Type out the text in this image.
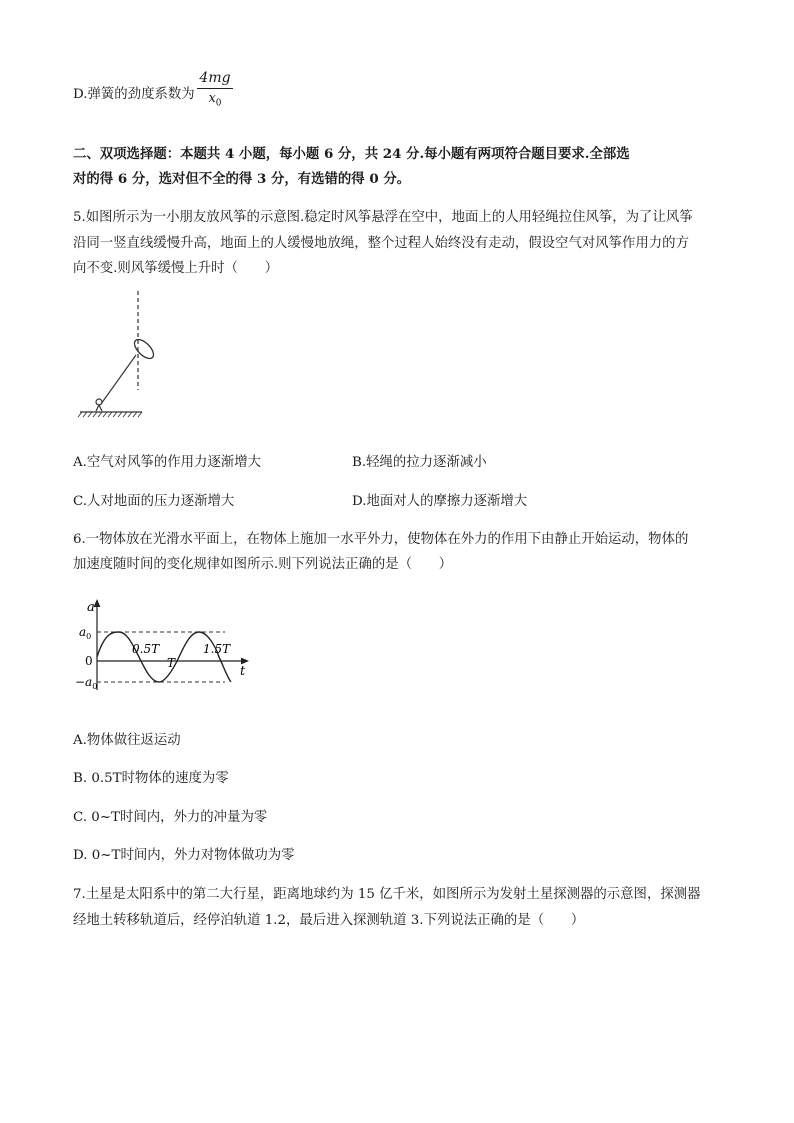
D.弹簧的劲度系数为
4mg
$x_0$
二、双项选择题：本题共 4 小题，每小题 6 分，共 24 分.每小题有两项符合题目要求.全部选
对的得 6 分，选对但不全的得 3 分，有选错的得 0 分。
5.如图所示为一小朋友放风筝的示意图.稳定时风筝悬浮在空中，地面上的人用轻绳拉住风筝，为了让风筝
沿同一竖直线缓慢升高，地面上的人缓慢地放绳，整个过程人始终没有走动，假设空气对风筝作用力的方
向不变.则风筝缓慢上升时（　　）
A.空气对风筝的作用力逐渐增大	B.轻绳的拉力逐渐减小
C.人对地面的压力逐渐增大	D.地面对人的摩擦力逐渐增大
6.一物体放在光滑水平面上，在物体上施加一水平外力，使物体在外力的作用下由静止开始运动，物体的
加速度随时间的变化规律如图所示.则下列说法正确的是（　　）
a
t
$a_0$
$-a_0$
0
0.5T
T
1.5T
A.物体做往返运动
B. 0.5T时物体的速度为零
C. 0~T时间内，外力的冲量为零
D. 0~T时间内，外力对物体做功为零
7.土星是太阳系中的第二大行星，距离地球约为 15 亿千米，如图所示为发射土星探测器的示意图，探测器
经地土转移轨道后，经停泊轨道 1.2，最后进入探测轨道 3.下列说法正确的是（　　）
